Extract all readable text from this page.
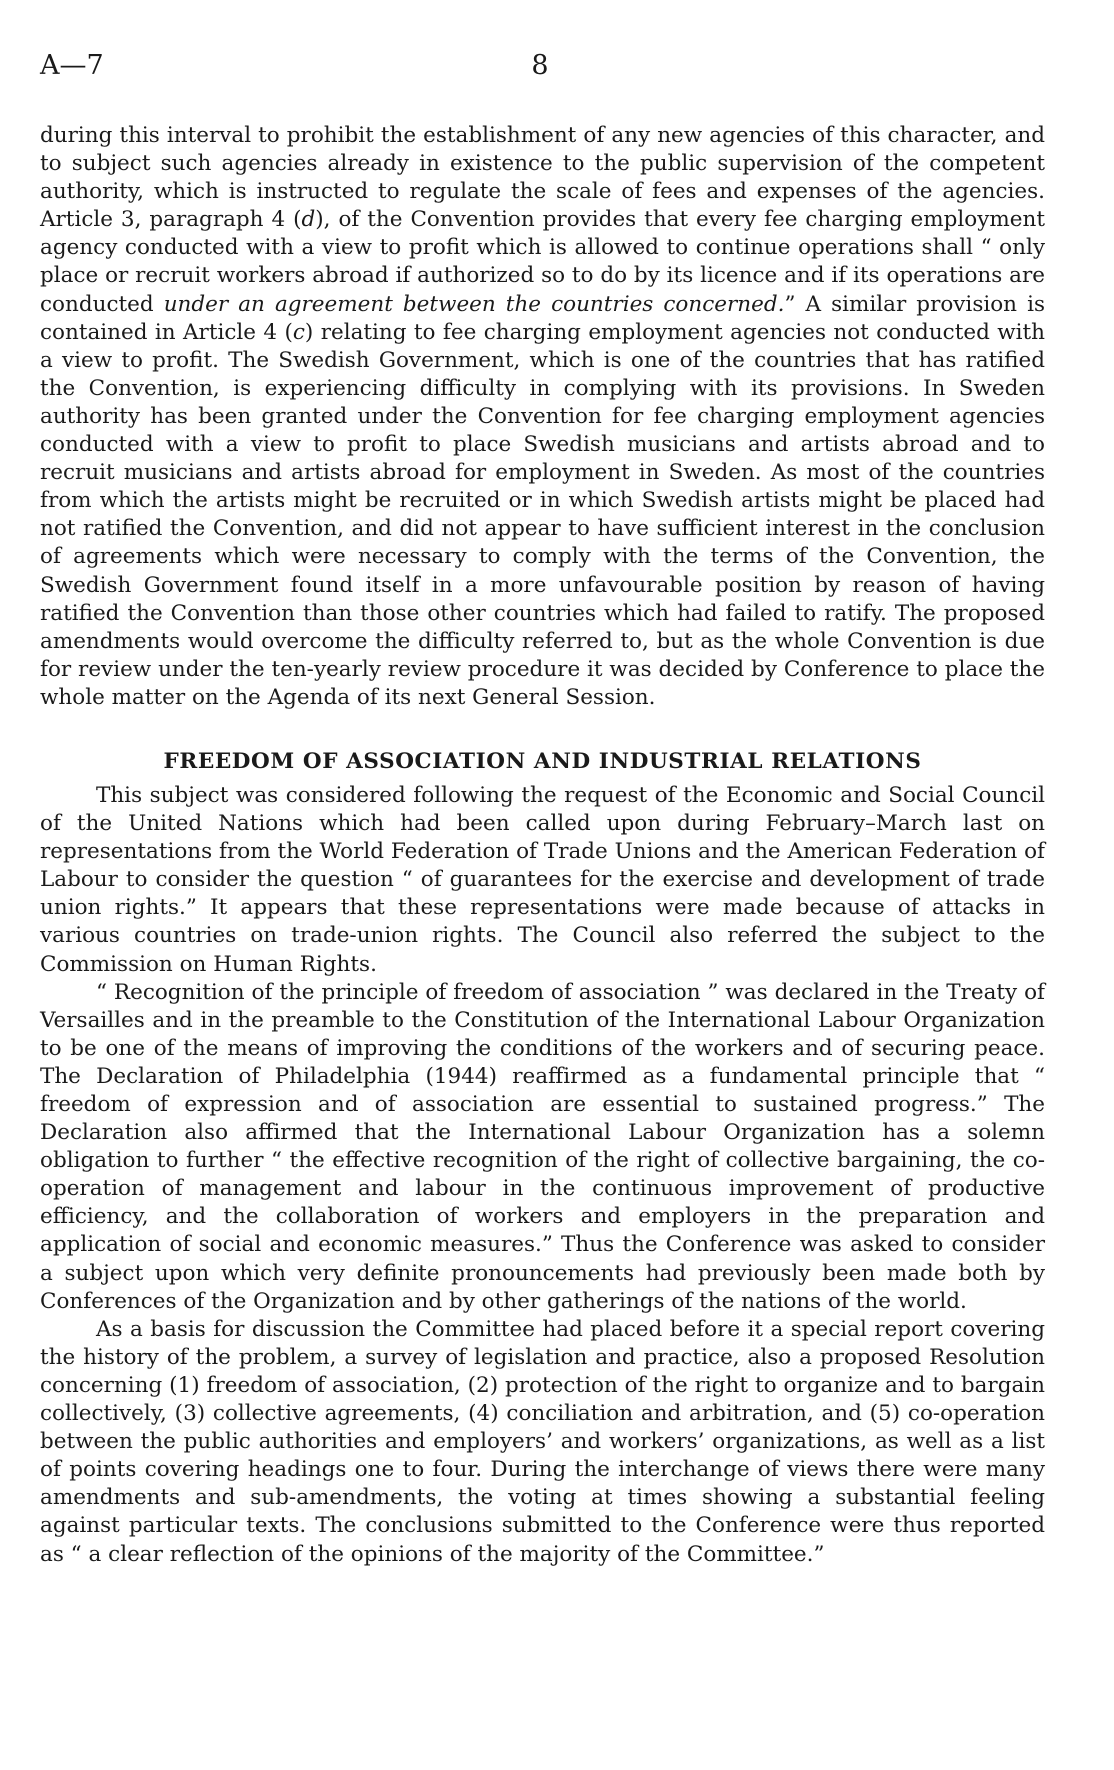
A—7	8

during this interval to prohibit the establishment of any new agencies of this character, and to subject such agencies already in existence to the public supervision of the competent authority, which is instructed to regulate the scale of fees and expenses of the agencies. Article 3, paragraph 4 (d), of the Convention provides that every fee charging employment agency conducted with a view to profit which is allowed to continue operations shall “ only place or recruit workers abroad if authorized so to do by its licence and if its operations are conducted under an agreement between the countries concerned.” A similar provision is contained in Article 4 (c) relating to fee charging employment agencies not conducted with a view to profit. The Swedish Government, which is one of the countries that has ratified the Convention, is experiencing difficulty in complying with its provisions. In Sweden authority has been granted under the Convention for fee charging employment agencies conducted with a view to profit to place Swedish musicians and artists abroad and to recruit musicians and artists abroad for employment in Sweden. As most of the countries from which the artists might be recruited or in which Swedish artists might be placed had not ratified the Convention, and did not appear to have sufficient interest in the conclusion of agreements which were necessary to comply with the terms of the Convention, the Swedish Government found itself in a more unfavourable position by reason of having ratified the Convention than those other countries which had failed to ratify. The proposed amendments would overcome the difficulty referred to, but as the whole Convention is due for review under the ten-yearly review procedure it was decided by Conference to place the whole matter on the Agenda of its next General Session.

FREEDOM OF ASSOCIATION AND INDUSTRIAL RELATIONS

This subject was considered following the request of the Economic and Social Council of the United Nations which had been called upon during February–March last on representations from the World Federation of Trade Unions and the American Federation of Labour to consider the question “ of guarantees for the exercise and development of trade union rights.” It appears that these representations were made because of attacks in various countries on trade-union rights. The Council also referred the subject to the Commission on Human Rights.

“ Recognition of the principle of freedom of association ” was declared in the Treaty of Versailles and in the preamble to the Constitution of the International Labour Organization to be one of the means of improving the conditions of the workers and of securing peace. The Declaration of Philadelphia (1944) reaffirmed as a fundamental principle that “ freedom of expression and of association are essential to sustained progress.” The Declaration also affirmed that the International Labour Organization has a solemn obligation to further “ the effective recognition of the right of collective bargaining, the co-operation of management and labour in the continuous improvement of productive efficiency, and the collaboration of workers and employers in the preparation and application of social and economic measures.” Thus the Conference was asked to consider a subject upon which very definite pronouncements had previously been made both by Conferences of the Organization and by other gatherings of the nations of the world.

As a basis for discussion the Committee had placed before it a special report covering the history of the problem, a survey of legislation and practice, also a proposed Resolution concerning (1) freedom of association, (2) protection of the right to organize and to bargain collectively, (3) collective agreements, (4) conciliation and arbitration, and (5) co-operation between the public authorities and employers’ and workers’ organizations, as well as a list of points covering headings one to four. During the interchange of views there were many amendments and sub-amendments, the voting at times showing a substantial feeling against particular texts. The conclusions submitted to the Conference were thus reported as “ a clear reflection of the opinions of the majority of the Committee.”
